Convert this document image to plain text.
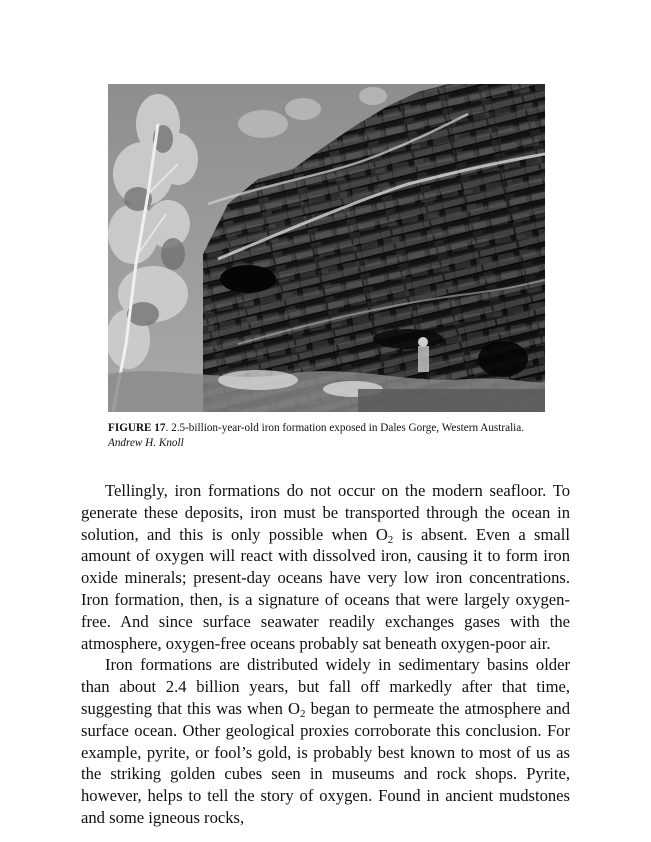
FIGURE 17. 2.5-billion-year-old iron formation exposed in Dales Gorge, Western Australia. Andrew H. Knoll

Tellingly, iron formations do not occur on the modern seafloor. To generate these deposits, iron must be transported through the ocean in solution, and this is only possible when $O_2$ is absent. Even a small amount of oxygen will react with dissolved iron, causing it to form iron oxide minerals; present-day oceans have very low iron concentrations. Iron formation, then, is a signature of oceans that were largely oxygen-free. And since surface seawater readily exchanges gases with the atmosphere, oxygen-free oceans probably sat beneath oxygen-poor air.

Iron formations are distributed widely in sedimentary basins older than about 2.4 billion years, but fall off markedly after that time, suggesting that this was when $O_2$ began to permeate the atmosphere and surface ocean. Other geological proxies corroborate this conclusion. For example, pyrite, or fool’s gold, is probably best known to most of us as the striking golden cubes seen in museums and rock shops. Pyrite, however, helps to tell the story of oxygen. Found in ancient mudstones and some igneous rocks,
